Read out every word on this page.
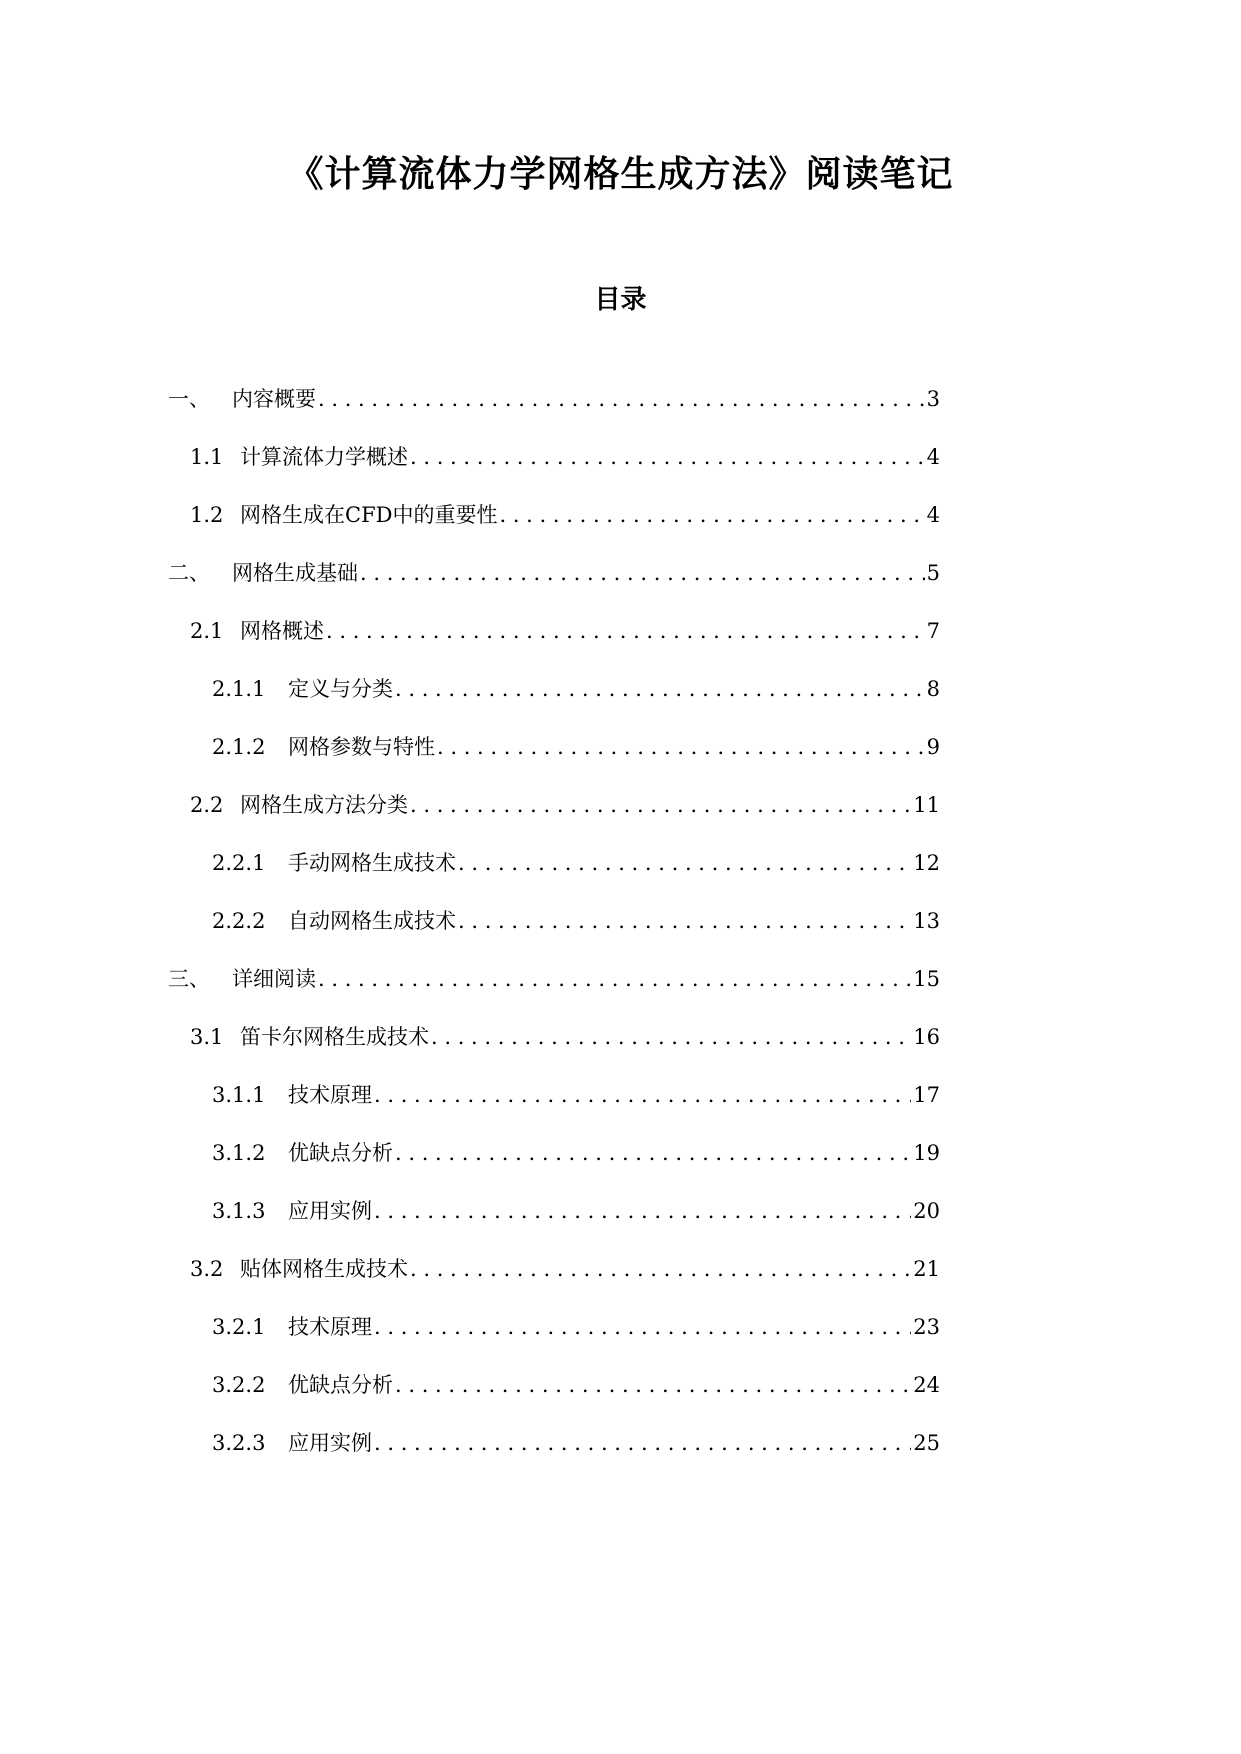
《计算流体力学网格生成方法》阅读笔记
目录
一、	内容概要 . . .	3
1.1 计算流体力学概述 . . .	4
1.2 网格生成在CFD中的重要性 . . .	4
二、	网格生成基础 . . .	5
2.1 网格概述 . . .	7
2.1.1	定义与分类 . . .	8
2.1.2	网格参数与特性 . . .	9
2.2 网格生成方法分类 . . .	11
2.2.1	手动网格生成技术 . . .	12
2.2.2	自动网格生成技术 . . .	13
三、	详细阅读 . . .	15
3.1 笛卡尔网格生成技术 . . .	16
3.1.1	技术原理 . . .	17
3.1.2	优缺点分析 . . .	19
3.1.3	应用实例 . . .	20
3.2 贴体网格生成技术 . . .	21
3.2.1	技术原理 . . .	23
3.2.2	优缺点分析 . . .	24
3.2.3	应用实例 . . .	25
